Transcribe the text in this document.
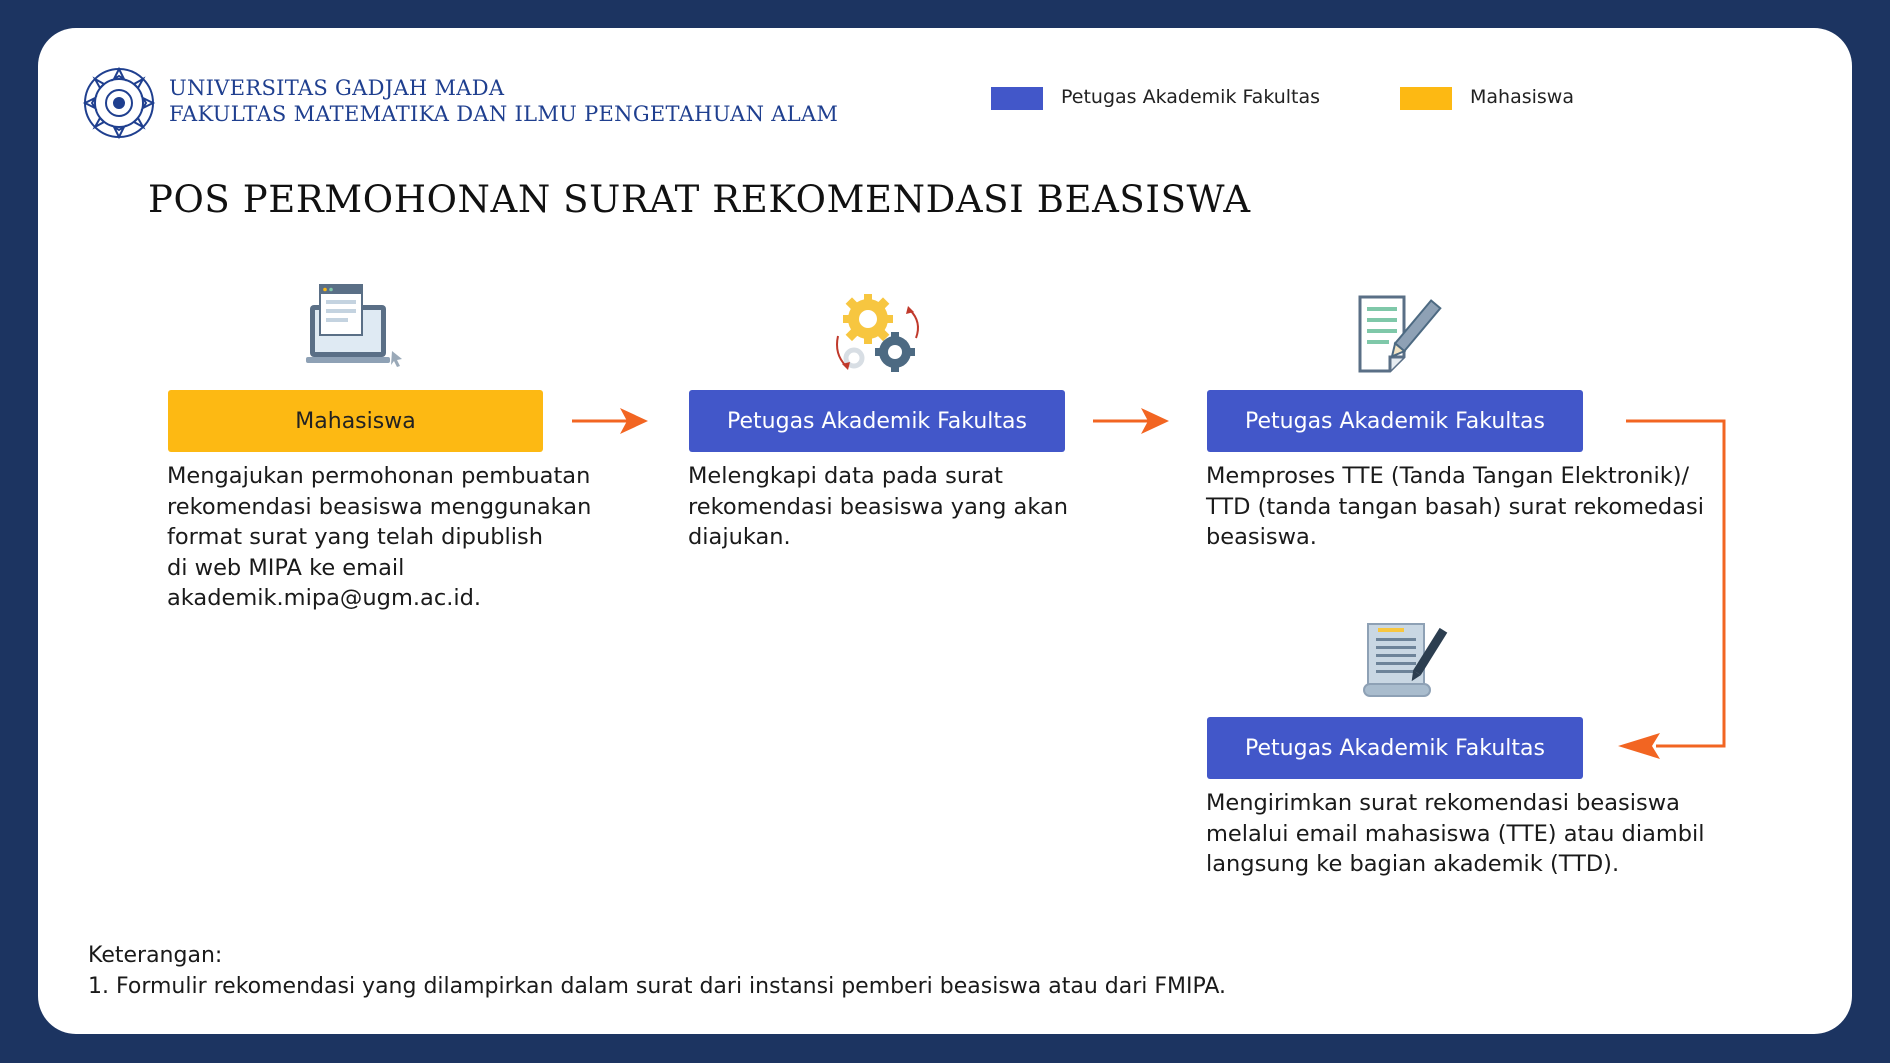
UNIVERSITAS GADJAH MADA
FAKULTAS MATEMATIKA DAN ILMU PENGETAHUAN ALAM
Petugas Akademik Fakultas	Mahasiswa
POS PERMOHONAN SURAT REKOMENDASI BEASISWA
Mahasiswa	Petugas Akademik Fakultas	Petugas Akademik Fakultas
Petugas Akademik Fakultas
Mengajukan permohonan pembuatan
rekomendasi beasiswa menggunakan
format surat yang telah dipublish
di web MIPA ke email
akademik.mipa@ugm.ac.id.
Melengkapi data pada surat
rekomendasi beasiswa yang akan
diajukan.
Memproses TTE (Tanda Tangan Elektronik)/
TTD (tanda tangan basah) surat rekomedasi
beasiswa.
Mengirimkan surat rekomendasi beasiswa
melalui email mahasiswa (TTE) atau diambil
langsung ke bagian akademik (TTD).
Keterangan:
1. Formulir rekomendasi yang dilampirkan dalam surat dari instansi pemberi beasiswa atau dari FMIPA.
